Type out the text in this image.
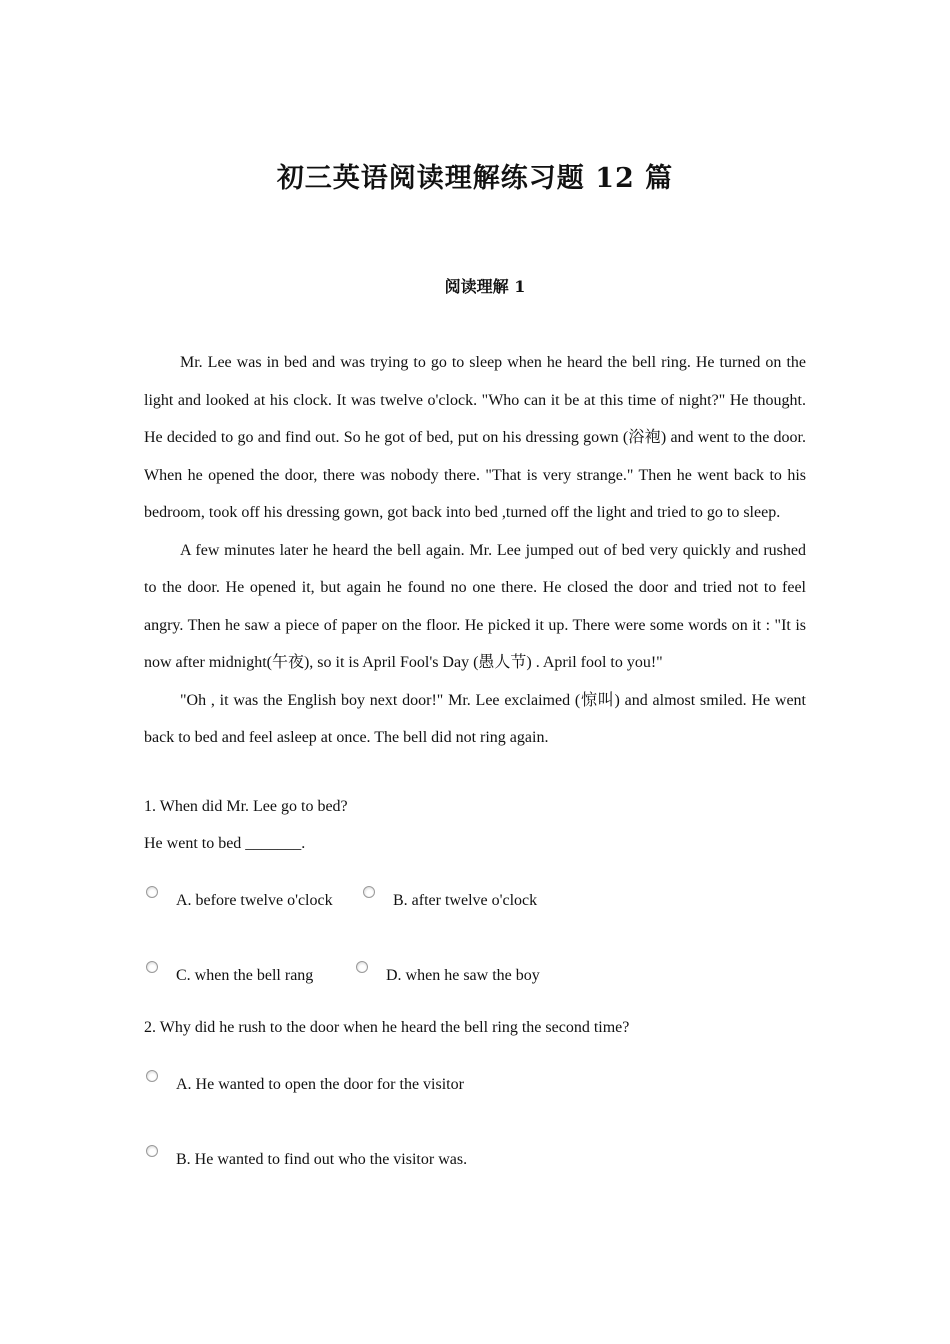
初三英语阅读理解练习题 12 篇
阅读理解 1

Mr. Lee was in bed and was trying to go to sleep when he heard the bell ring. He turned on the light and looked at his clock. It was twelve o'clock. "Who can it be at this time of night?" He thought. He decided to go and find out. So he got of bed, put on his dressing gown (浴袍) and went to the door. When he opened the door, there was nobody there. "That is very strange." Then he went back to his bedroom, took off his dressing gown, got back into bed ,turned off the light and tried to go to sleep.

A few minutes later he heard the bell again. Mr. Lee jumped out of bed very quickly and rushed to the door. He opened it, but again he found no one there. He closed the door and tried not to feel angry. Then he saw a piece of paper on the floor. He picked it up. There were some words on it : "It is now after midnight(午夜), so it is April Fool's Day (愚人节) . April fool to you!"

"Oh , it was the English boy next door!" Mr. Lee exclaimed (惊叫) and almost smiled. He went back to bed and feel asleep at once. The bell did not ring again.

1. When did Mr. Lee go to bed?
He went to bed _______.
A. before twelve o'clock	B. after twelve o'clock
C. when the bell rang	D. when he saw the boy
2. Why did he rush to the door when he heard the bell ring the second time?
A. He wanted to open the door for the visitor
B. He wanted to find out who the visitor was.
